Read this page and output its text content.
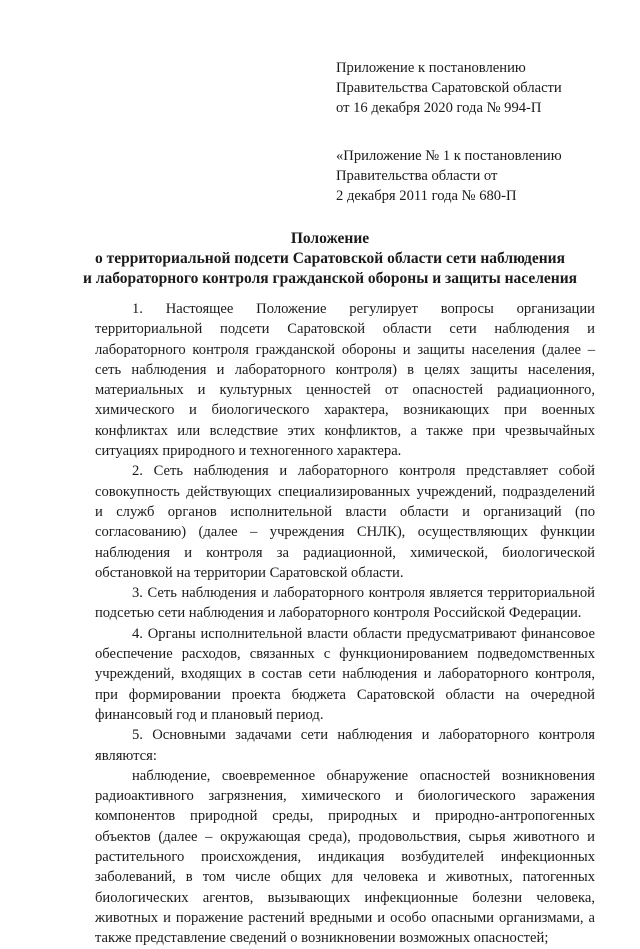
Приложение к постановлению
Правительства Саратовской области
от 16 декабря 2020 года № 994-П
«Приложение № 1 к постановлению
Правительства области от
2 декабря 2011 года № 680-П
Положение
о территориальной подсети Саратовской области сети наблюдения
и лабораторного контроля гражданской обороны и защиты населения

1. Настоящее Положение регулирует вопросы организации территориальной подсети Саратовской области сети наблюдения и лабораторного контроля гражданской обороны и защиты населения (далее – сеть наблюдения и лабораторного контроля) в целях защиты населения, материальных и культурных ценностей от опасностей радиационного, химического и биологического характера, возникающих при военных конфликтах или вследствие этих конфликтов, а также при чрезвычайных ситуациях природного и техногенного характера.

2. Сеть наблюдения и лабораторного контроля представляет собой совокупность действующих специализированных учреждений, подразделений и служб органов исполнительной власти области и организаций (по согласованию) (далее – учреждения СНЛК), осуществляющих функции наблюдения и контроля за радиационной, химической, биологической обстановкой на территории Саратовской области.

3. Сеть наблюдения и лабораторного контроля является территориальной подсетью сети наблюдения и лабораторного контроля Российской Федерации.

4. Органы исполнительной власти области предусматривают финансовое обеспечение расходов, связанных с функционированием подведомственных учреждений, входящих в состав сети наблюдения и лабораторного контроля, при формировании проекта бюджета Саратовской области на очередной финансовый год и плановый период.

5. Основными задачами сети наблюдения и лабораторного контроля являются:

наблюдение, своевременное обнаружение опасностей возникновения радиоактивного загрязнения, химического и биологического заражения компонентов природной среды, природных и природно-антропогенных объектов (далее – окружающая среда), продовольствия, сырья животного и растительного происхождения, индикация возбудителей инфекционных заболеваний, в том числе общих для человека и животных, патогенных биологических агентов, вызывающих инфекционные болезни человека, животных и поражение растений вредными и особо опасными организмами, а также представление сведений о возникновении возможных опасностей;
